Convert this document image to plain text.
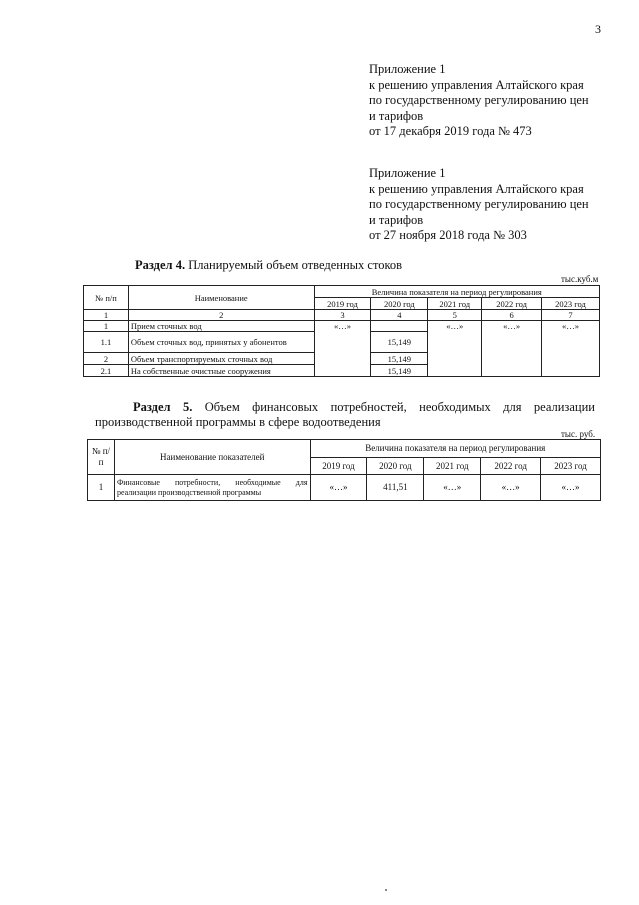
3
Приложение 1
к решению управления Алтайского края
по государственному регулированию цен
и тарифов
от 17 декабря 2019 года № 473
Приложение 1
к решению управления Алтайского края
по государственному регулированию цен
и тарифов
от 27 ноября 2018 года № 303
Раздел 4. Планируемый объем отведенных стоков
тыс.куб.м
№ п/п	Наименование	Величина показателя на период регулирования				
		2019 год	2020 год	2021 год	2022 год	2023 год
1	2	3	4	5	6	7
1	Прием сточных вод	«…»		«…»	«…»	«…»
1.1	Объем сточных вод, принятых у абонентов		15,149			
2	Объем транспортируемых сточных вод		15,149			
2.1	На собственные очистные сооружения		15,149			
Раздел 5. Объем финансовых потребностей, необходимых для реализации производственной программы в сфере водоотведения
тыс. руб.
№ п/п	Наименование показателей	Величина показателя на период регулирования				
		2019 год	2020 год	2021 год	2022 год	2023 год
1	Финансовые потребности, необходимые для реализации производственной программы	«…»	411,51	«…»	«…»	«…»
